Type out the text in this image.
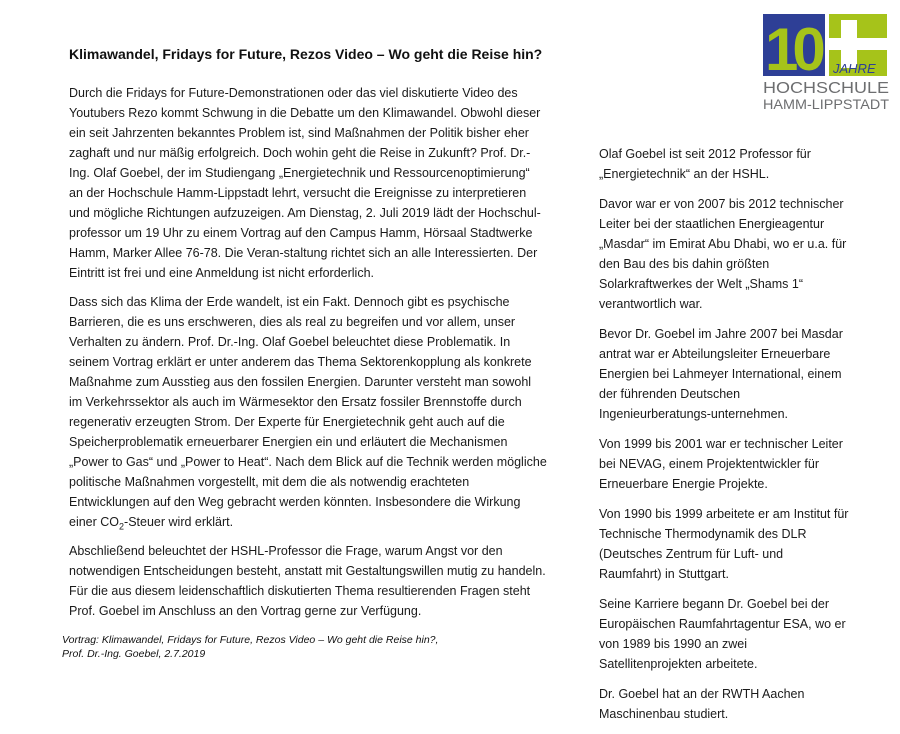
10 JAHRE
HOCHSCHULE
HAMM-LIPPSTADT
Klimawandel, Fridays for Future, Rezos Video – Wo geht die Reise hin?

Durch die Fridays for Future-Demonstrationen oder das viel diskutierte Video des Youtubers Rezo kommt Schwung in die Debatte um den Klimawandel. Obwohl dieser ein seit Jahrzenten bekanntes Problem ist, sind Maßnahmen der Politik bisher eher zaghaft und nur mäßig erfolgreich. Doch wohin geht die Reise in Zukunft? Prof. Dr.-Ing. Olaf Goebel, der im Studiengang „Energietechnik und Ressourcenoptimierung“ an der Hochschule Hamm-Lippstadt lehrt, versucht die Ereignisse zu interpretieren und mögliche Richtungen aufzuzeigen. Am Dienstag, 2. Juli 2019 lädt der Hochschul-professor um 19 Uhr zu einem Vortrag auf den Campus Hamm, Hörsaal Stadtwerke Hamm, Marker Allee 76-78. Die Veran-staltung richtet sich an alle Interessierten. Der Eintritt ist frei und eine Anmeldung ist nicht erforderlich.

Dass sich das Klima der Erde wandelt, ist ein Fakt. Dennoch gibt es psychische Barrieren, die es uns erschweren, dies als real zu begreifen und vor allem, unser Verhalten zu ändern. Prof. Dr.-Ing. Olaf Goebel beleuchtet diese Problematik. In seinem Vortrag erklärt er unter anderem das Thema Sektorenkopplung als konkrete Maßnahme zum Ausstieg aus den fossilen Energien. Darunter versteht man sowohl im Verkehrssektor als auch im Wärmesektor den Ersatz fossiler Brennstoffe durch regenerativ erzeugten Strom. Der Experte für Energietechnik geht auch auf die Speicherproblematik erneuerbarer Energien ein und erläutert die Mechanismen „Power to Gas“ und „Power to Heat“. Nach dem Blick auf die Technik werden mögliche politische Maßnahmen vorgestellt, mit dem die als notwendig erachteten Entwicklungen auf den Weg gebracht werden könnten. Insbesondere die Wirkung einer $CO_2$-Steuer wird erklärt.

Abschließend beleuchtet der HSHL-Professor die Frage, warum Angst vor den notwendigen Entscheidungen besteht, anstatt mit Gestaltungswillen mutig zu handeln. Für die aus diesem leidenschaftlich diskutierten Thema resultierenden Fragen steht Prof. Goebel im Anschluss an den Vortrag gerne zur Verfügung.

Olaf Goebel ist seit 2012 Professor für „Energietechnik“ an der HSHL.

Davor war er von 2007 bis 2012 technischer Leiter bei der staatlichen Energieagentur „Masdar“ im Emirat Abu Dhabi, wo er u.a. für den Bau des bis dahin größten Solarkraftwerkes der Welt „Shams 1“ verantwortlich war.

Bevor Dr. Goebel im Jahre 2007 bei Masdar antrat war er Abteilungsleiter Erneuerbare Energien bei Lahmeyer International, einem der führenden Deutschen Ingenieurberatungs-unternehmen.

Von 1999 bis 2001 war er technischer Leiter bei NEVAG, einem Projektentwickler für Erneuerbare Energie Projekte.

Von 1990 bis 1999 arbeitete er am Institut für Technische Thermodynamik des DLR (Deutsches Zentrum für Luft- und Raumfahrt) in Stuttgart.

Seine Karriere begann Dr. Goebel bei der Europäischen Raumfahrtagentur ESA, wo er von 1989 bis 1990 an zwei Satellitenprojekten arbeitete.

Dr. Goebel hat an der RWTH Aachen Maschinenbau studiert.

Vortrag: Klimawandel, Fridays for Future, Rezos Video – Wo geht die Reise hin?,
Prof. Dr.-Ing. Goebel, 2.7.2019
